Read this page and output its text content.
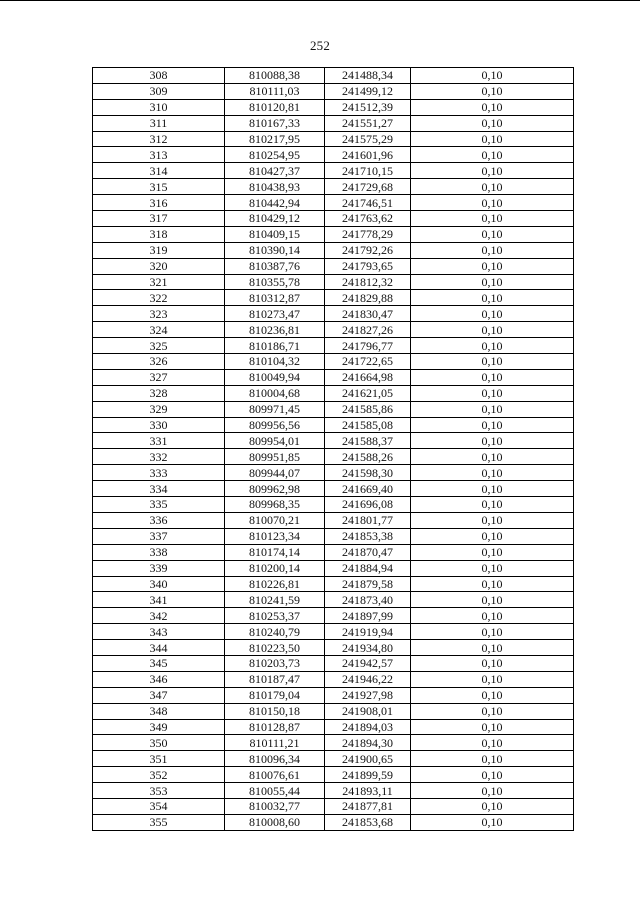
252
308	810088,38	241488,34	0,10
309	810111,03	241499,12	0,10
310	810120,81	241512,39	0,10
311	810167,33	241551,27	0,10
312	810217,95	241575,29	0,10
313	810254,95	241601,96	0,10
314	810427,37	241710,15	0,10
315	810438,93	241729,68	0,10
316	810442,94	241746,51	0,10
317	810429,12	241763,62	0,10
318	810409,15	241778,29	0,10
319	810390,14	241792,26	0,10
320	810387,76	241793,65	0,10
321	810355,78	241812,32	0,10
322	810312,87	241829,88	0,10
323	810273,47	241830,47	0,10
324	810236,81	241827,26	0,10
325	810186,71	241796,77	0,10
326	810104,32	241722,65	0,10
327	810049,94	241664,98	0,10
328	810004,68	241621,05	0,10
329	809971,45	241585,86	0,10
330	809956,56	241585,08	0,10
331	809954,01	241588,37	0,10
332	809951,85	241588,26	0,10
333	809944,07	241598,30	0,10
334	809962,98	241669,40	0,10
335	809968,35	241696,08	0,10
336	810070,21	241801,77	0,10
337	810123,34	241853,38	0,10
338	810174,14	241870,47	0,10
339	810200,14	241884,94	0,10
340	810226,81	241879,58	0,10
341	810241,59	241873,40	0,10
342	810253,37	241897,99	0,10
343	810240,79	241919,94	0,10
344	810223,50	241934,80	0,10
345	810203,73	241942,57	0,10
346	810187,47	241946,22	0,10
347	810179,04	241927,98	0,10
348	810150,18	241908,01	0,10
349	810128,87	241894,03	0,10
350	810111,21	241894,30	0,10
351	810096,34	241900,65	0,10
352	810076,61	241899,59	0,10
353	810055,44	241893,11	0,10
354	810032,77	241877,81	0,10
355	810008,60	241853,68	0,10
